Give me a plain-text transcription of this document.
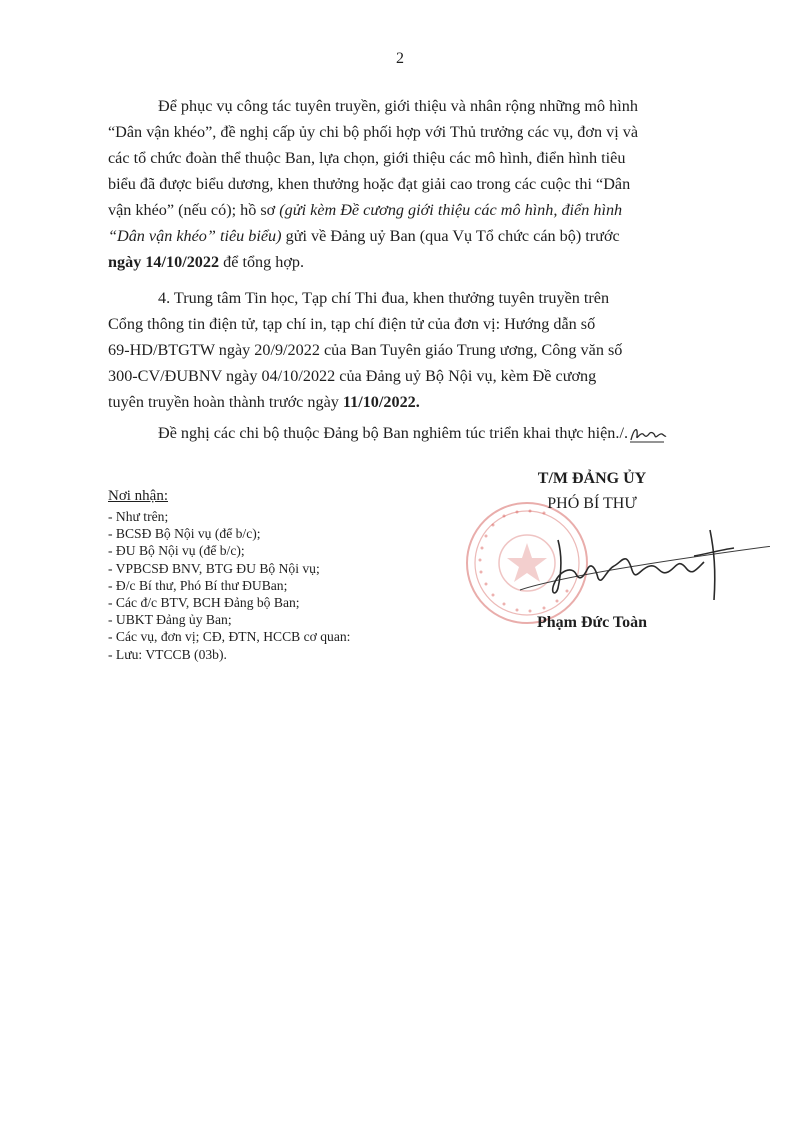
2
Để phục vụ công tác tuyên truyền, giới thiệu và nhân rộng những mô hình
“Dân vận khéo”, đề nghị cấp ủy chi bộ phối hợp với Thủ trưởng các vụ, đơn vị và
các tổ chức đoàn thể thuộc Ban, lựa chọn, giới thiệu các mô hình, điển hình tiêu
biểu đã được biểu dương, khen thưởng hoặc đạt giải cao trong các cuộc thi “Dân
vận khéo” (nếu có); hồ sơ (gửi kèm Đề cương giới thiệu các mô hình, điển hình
“Dân vận khéo” tiêu biểu) gửi về Đảng uỷ Ban (qua Vụ Tổ chức cán bộ) trước
ngày 14/10/2022 để tổng hợp.
4. Trung tâm Tin học, Tạp chí Thi đua, khen thưởng tuyên truyền trên
Cổng thông tin điện tử, tạp chí in, tạp chí điện tử của đơn vị: Hướng dẫn số
69-HD/BTGTW ngày 20/9/2022 của Ban Tuyên giáo Trung ương, Công văn số
300-CV/ĐUBNV ngày 04/10/2022 của Đảng uỷ Bộ Nội vụ, kèm Đề cương
tuyên truyền hoàn thành trước ngày 11/10/2022.
Đề nghị các chi bộ thuộc Đảng bộ Ban nghiêm túc triển khai thực hiện./.
Nơi nhận:
- Như trên;
- BCSĐ Bộ Nội vụ (để b/c);
- ĐU Bộ Nội vụ (để b/c);
- VPBCSĐ BNV, BTG ĐU Bộ Nội vụ;
- Đ/c Bí thư, Phó Bí thư ĐUBan;
- Các đ/c BTV, BCH Đảng bộ Ban;
- UBKT Đảng ủy Ban;
- Các vụ, đơn vị; CĐ, ĐTN, HCCB cơ quan:
- Lưu: VTCCB (03b).
T/M ĐẢNG ỦY
PHÓ BÍ THƯ
Phạm Đức Toàn
